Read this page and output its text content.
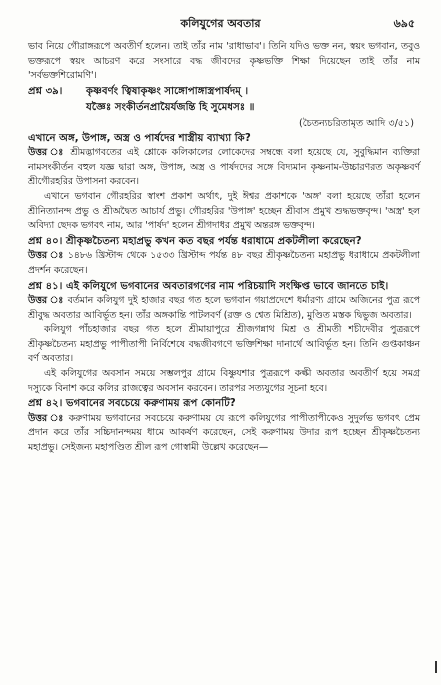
কলিযুগের অবতার	৬৯৫

ভাব নিয়ে গৌরাঙ্গরূপে অবতীর্ণ হলেন। তাই তাঁর নাম 'রাধাভাব'। তিনি যদিও ভক্ত নন, স্বয়ং ভগবান, তবুও ভক্তরূপে স্বয়ং আচরণ করে সংসারে বদ্ধ জীবদের কৃষ্ণভক্তি শিক্ষা দিয়েছেন তাই তাঁর নাম 'সর্বভক্তশিরোমণি'।

প্রশ্ন ৩৯।	কৃষ্ণবর্ণং ত্বিষাকৃষ্ণং সাঙ্গোপাঙ্গাস্ত্রপার্ষদম্ ।
যজ্ঞৈঃ সংকীর্তনপ্রায়ৈর্যজন্তি হি সুমেধসঃ ॥
(চৈতন্যচরিতামৃত আদি ৩/৫১)

এখানে অঙ্গ, উপাঙ্গ, অস্ত্র ও পার্ষদের শাস্ত্রীয় ব্যাখ্যা কি?

উত্তর ঃ শ্রীমদ্ভাগবতের এই শ্লোকে কলিকালের লোকেদের সম্বন্ধে বলা হয়েছে যে, সুবুদ্ধিমান ব্যক্তিরা নামসংকীর্তন বহুল যজ্ঞ দ্বারা অঙ্গ, উপাঙ্গ, অস্ত্র ও পার্ষদদের সঙ্গে বিদ্যমান কৃষ্ণনাম-উচ্চারণরত অকৃষ্ণবর্ণ শ্রীগৌরহরির উপাসনা করবেন।

এখানে ভগবান গৌরহরির স্বাংশ প্রকাশ অর্থাৎ, দুই ঈশ্বর প্রকাশকে 'অঙ্গ' বলা হয়েছে তাঁরা হলেন শ্রীনিত্যানন্দ প্রভু ও শ্রীঅদ্বৈত আচার্য প্রভু। গৌরহরির 'উপাঙ্গ' হচ্ছেন শ্রীবাস প্রমুখ শুদ্ধভক্তবৃন্দ। 'অস্ত্র' হল অবিদ্যা ছেদক ভগবৎ নাম, আর 'পার্ষদ' হলেন শ্রীগদাধর প্রমুখ অন্তরঙ্গ ভক্তবৃন্দ।

প্রশ্ন ৪০। শ্রীকৃষ্ণচৈতন্য মহাপ্রভু কখন কত বছর পর্যন্ত ধরাধামে প্রকটলীলা করেছেন?

উত্তর ঃ ১৪৮৬ খ্রিস্টাব্দ থেকে ১৫৩৩ খ্রিস্টাব্দ পর্যন্ত ৪৮ বছর শ্রীকৃষ্ণচৈতন্য মহাপ্রভু ধরাধামে প্রকটলীলা প্রদর্শন করেছেন।

প্রশ্ন ৪১। এই কলিযুগে ভগবানের অবতারগণের নাম পরিচয়াদি সংক্ষিপ্ত ভাবে জানতে চাই।

উত্তর ঃ বর্তমান কলিযুগ দুই হাজার বছর গত হলে ভগবান গয়াপ্রদেশে ধর্মারণ্য গ্রামে অজিনের পুত্র রূপে শ্রীবুদ্ধ অবতার আবির্ভূত হন। তাঁর অঙ্গকান্তি পাটলবর্ণ (রক্ত ও শ্বেত মিশ্রিত), মুণ্ডিত মস্তক দ্বিভুজ অবতার।

কলিযুগ পাঁচহাজার বছর গত হলে শ্রীমায়াপুরে শ্রীজগন্নাথ মিশ্র ও শ্রীমতী শচীদেবীর পুত্ররূপে শ্রীকৃষ্ণচৈতন্য মহাপ্রভু পাপীতাপী নির্বিশেষে বদ্ধজীবগণে ভক্তিশিক্ষা দানার্থে আবির্ভূত হন। তিনি গুপ্তকাঞ্চন বর্ণ অবতার।

এই কলিযুগের অবসান সময়ে সম্ভলপুর গ্রামে বিষ্ণুযশার পুত্ররূপে কল্কী অবতার অবতীর্ণ হয়ে সমগ্র দস্যুকে বিনাশ করে কলির রাজত্বের অবসান করবেন। তারপর সত্যযুগের সূচনা হবে।

প্রশ্ন ৪২। ভগবানের সবচেয়ে করুণাময় রূপ কোনটি?

উত্তর ঃ করুণাময় ভগবানের সবচেয়ে করুণাময় যে রূপে কলিযুগের পাপীতাপীকেও সুদুর্লভ ভগবৎ প্রেম প্রদান করে তাঁর সচ্চিদানন্দময় ধামে আকর্ষণ করেছেন, সেই করুণাময় উদার রূপ হচ্ছেন শ্রীকৃষ্ণচৈতন্য মহাপ্রভু। সেইজন্য মহাপণ্ডিত শ্রীল রূপ গোস্বামী উল্লেখ করেছেন—
